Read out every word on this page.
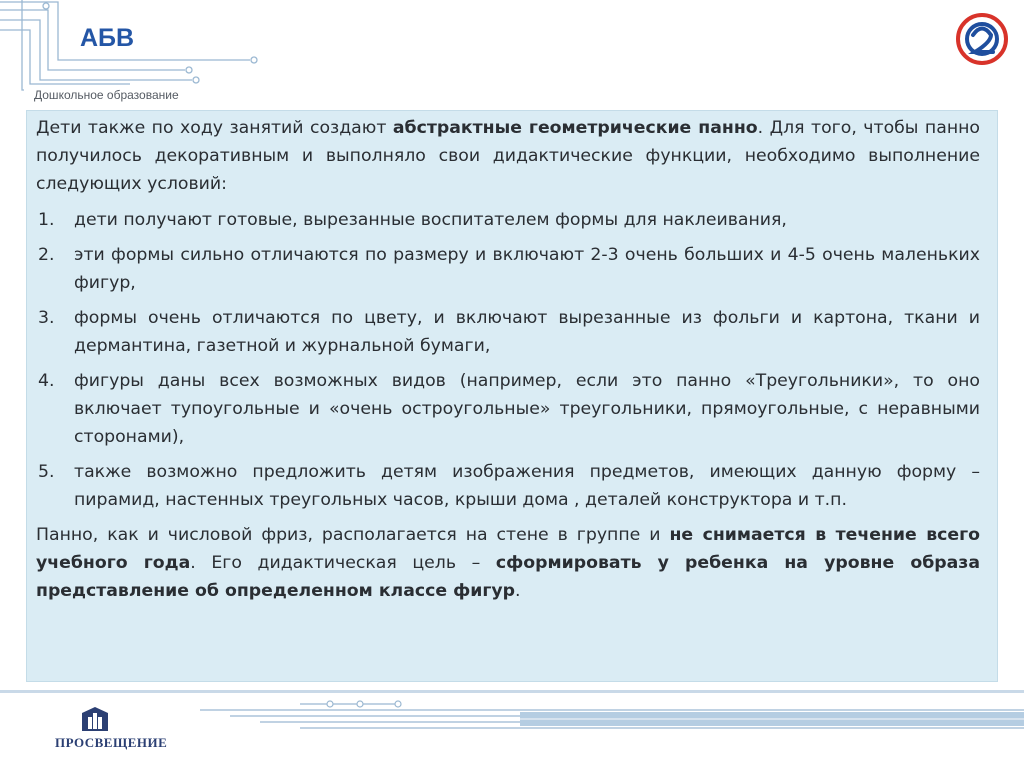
АБВ
Дошкольное образование

Дети также по ходу занятий создают абстрактные геометрические панно. Для того, чтобы панно получилось декоративным и выполняло свои дидактические функции, необходимо выполнение следующих условий:

1. дети получают готовые, вырезанные воспитателем формы для наклеивания,
2. эти формы сильно отличаются по размеру и включают 2-3 очень больших и 4-5 очень маленьких фигур,
3. формы очень отличаются по цвету, и включают вырезанные из фольги и картона, ткани и дермантина, газетной и журнальной бумаги,
4. фигуры даны всех возможных видов (например, если это панно «Треугольники», то оно включает тупоугольные и «очень остроугольные» треугольники, прямоугольные, с неравными сторонами),
5. также возможно предложить детям изображения предметов, имеющих данную форму – пирамид, настенных треугольных часов, крыши дома , деталей конструктора и т.п.

Панно, как и числовой фриз, располагается на стене в группе и не снимается в течение всего учебного года. Его дидактическая цель – сформировать у ребенка на уровне образа представление об определенном классе фигур.

ПРОСВЕЩЕНИЕ
